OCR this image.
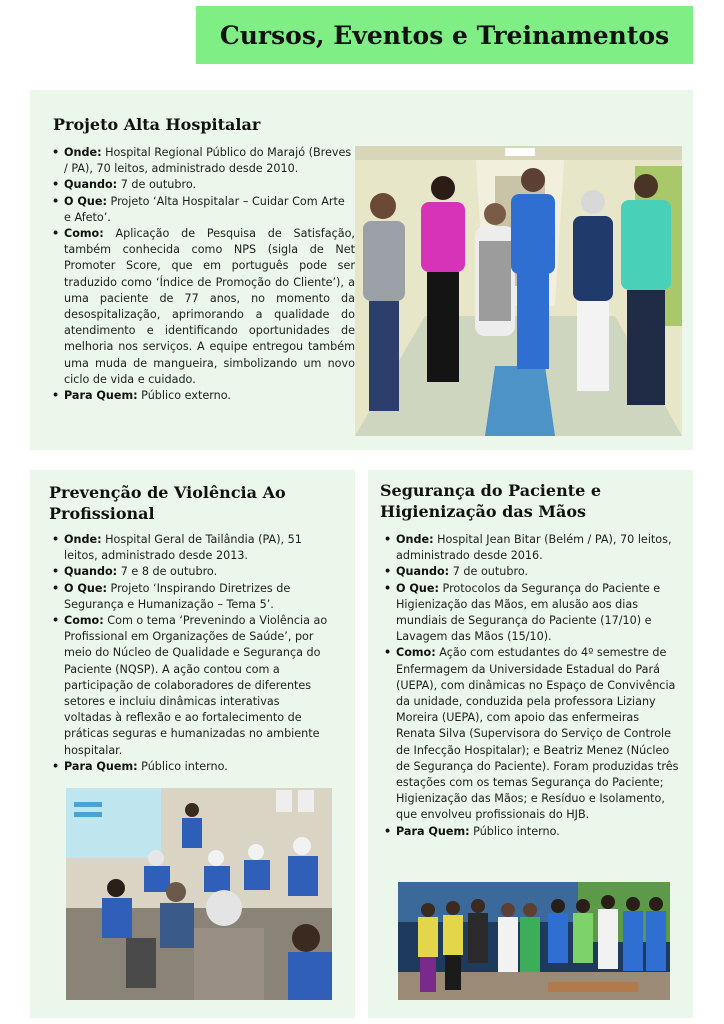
Cursos, Eventos e Treinamentos
Projeto Alta Hospitalar
• Onde: Hospital Regional Público do Marajó (Breves / PA), 70 leitos, administrado desde 2010.
• Quando: 7 de outubro.
• O Que: Projeto ‘Alta Hospitalar – Cuidar Com Arte e Afeto’.
• Como: Aplicação de Pesquisa de Satisfação, também conhecida como NPS (sigla de Net Promoter Score, que em português pode ser traduzido como ‘Índice de Promoção do Cliente’), a uma paciente de 77 anos, no momento da desospitalização, aprimorando a qualidade do atendimento e identificando oportunidades de melhoria nos serviços. A equipe entregou também uma muda de mangueira, simbolizando um novo ciclo de vida e cuidado.
• Para Quem: Público externo.
Prevenção de Violência Ao Profissional
• Onde: Hospital Geral de Tailândia (PA), 51 leitos, administrado desde 2013.
• Quando: 7 e 8 de outubro.
• O Que: Projeto ‘Inspirando Diretrizes de Segurança e Humanização – Tema 5’.
• Como: Com o tema ‘Prevenindo a Violência ao Profissional em Organizações de Saúde’, por meio do Núcleo de Qualidade e Segurança do Paciente (NQSP). A ação contou com a participação de colaboradores de diferentes setores e incluiu dinâmicas interativas voltadas à reflexão e ao fortalecimento de práticas seguras e humanizadas no ambiente hospitalar.
• Para Quem: Público interno.
Segurança do Paciente e Higienização das Mãos
• Onde: Hospital Jean Bitar (Belém / PA), 70 leitos, administrado desde 2016.
• Quando: 7 de outubro.
• O Que: Protocolos da Segurança do Paciente e Higienização das Mãos, em alusão aos dias mundiais de Segurança do Paciente (17/10) e Lavagem das Mãos (15/10).
• Como: Ação com estudantes do 4º semestre de Enfermagem da Universidade Estadual do Pará (UEPA), com dinâmicas no Espaço de Convivência da unidade, conduzida pela professora Liziany Moreira (UEPA), com apoio das enfermeiras Renata Silva (Supervisora do Serviço de Controle de Infecção Hospitalar); e Beatriz Menez (Núcleo de Segurança do Paciente). Foram produzidas três estações com os temas Segurança do Paciente; Higienização das Mãos; e Resíduo e Isolamento, que envolveu profissionais do HJB.
• Para Quem: Público interno.
